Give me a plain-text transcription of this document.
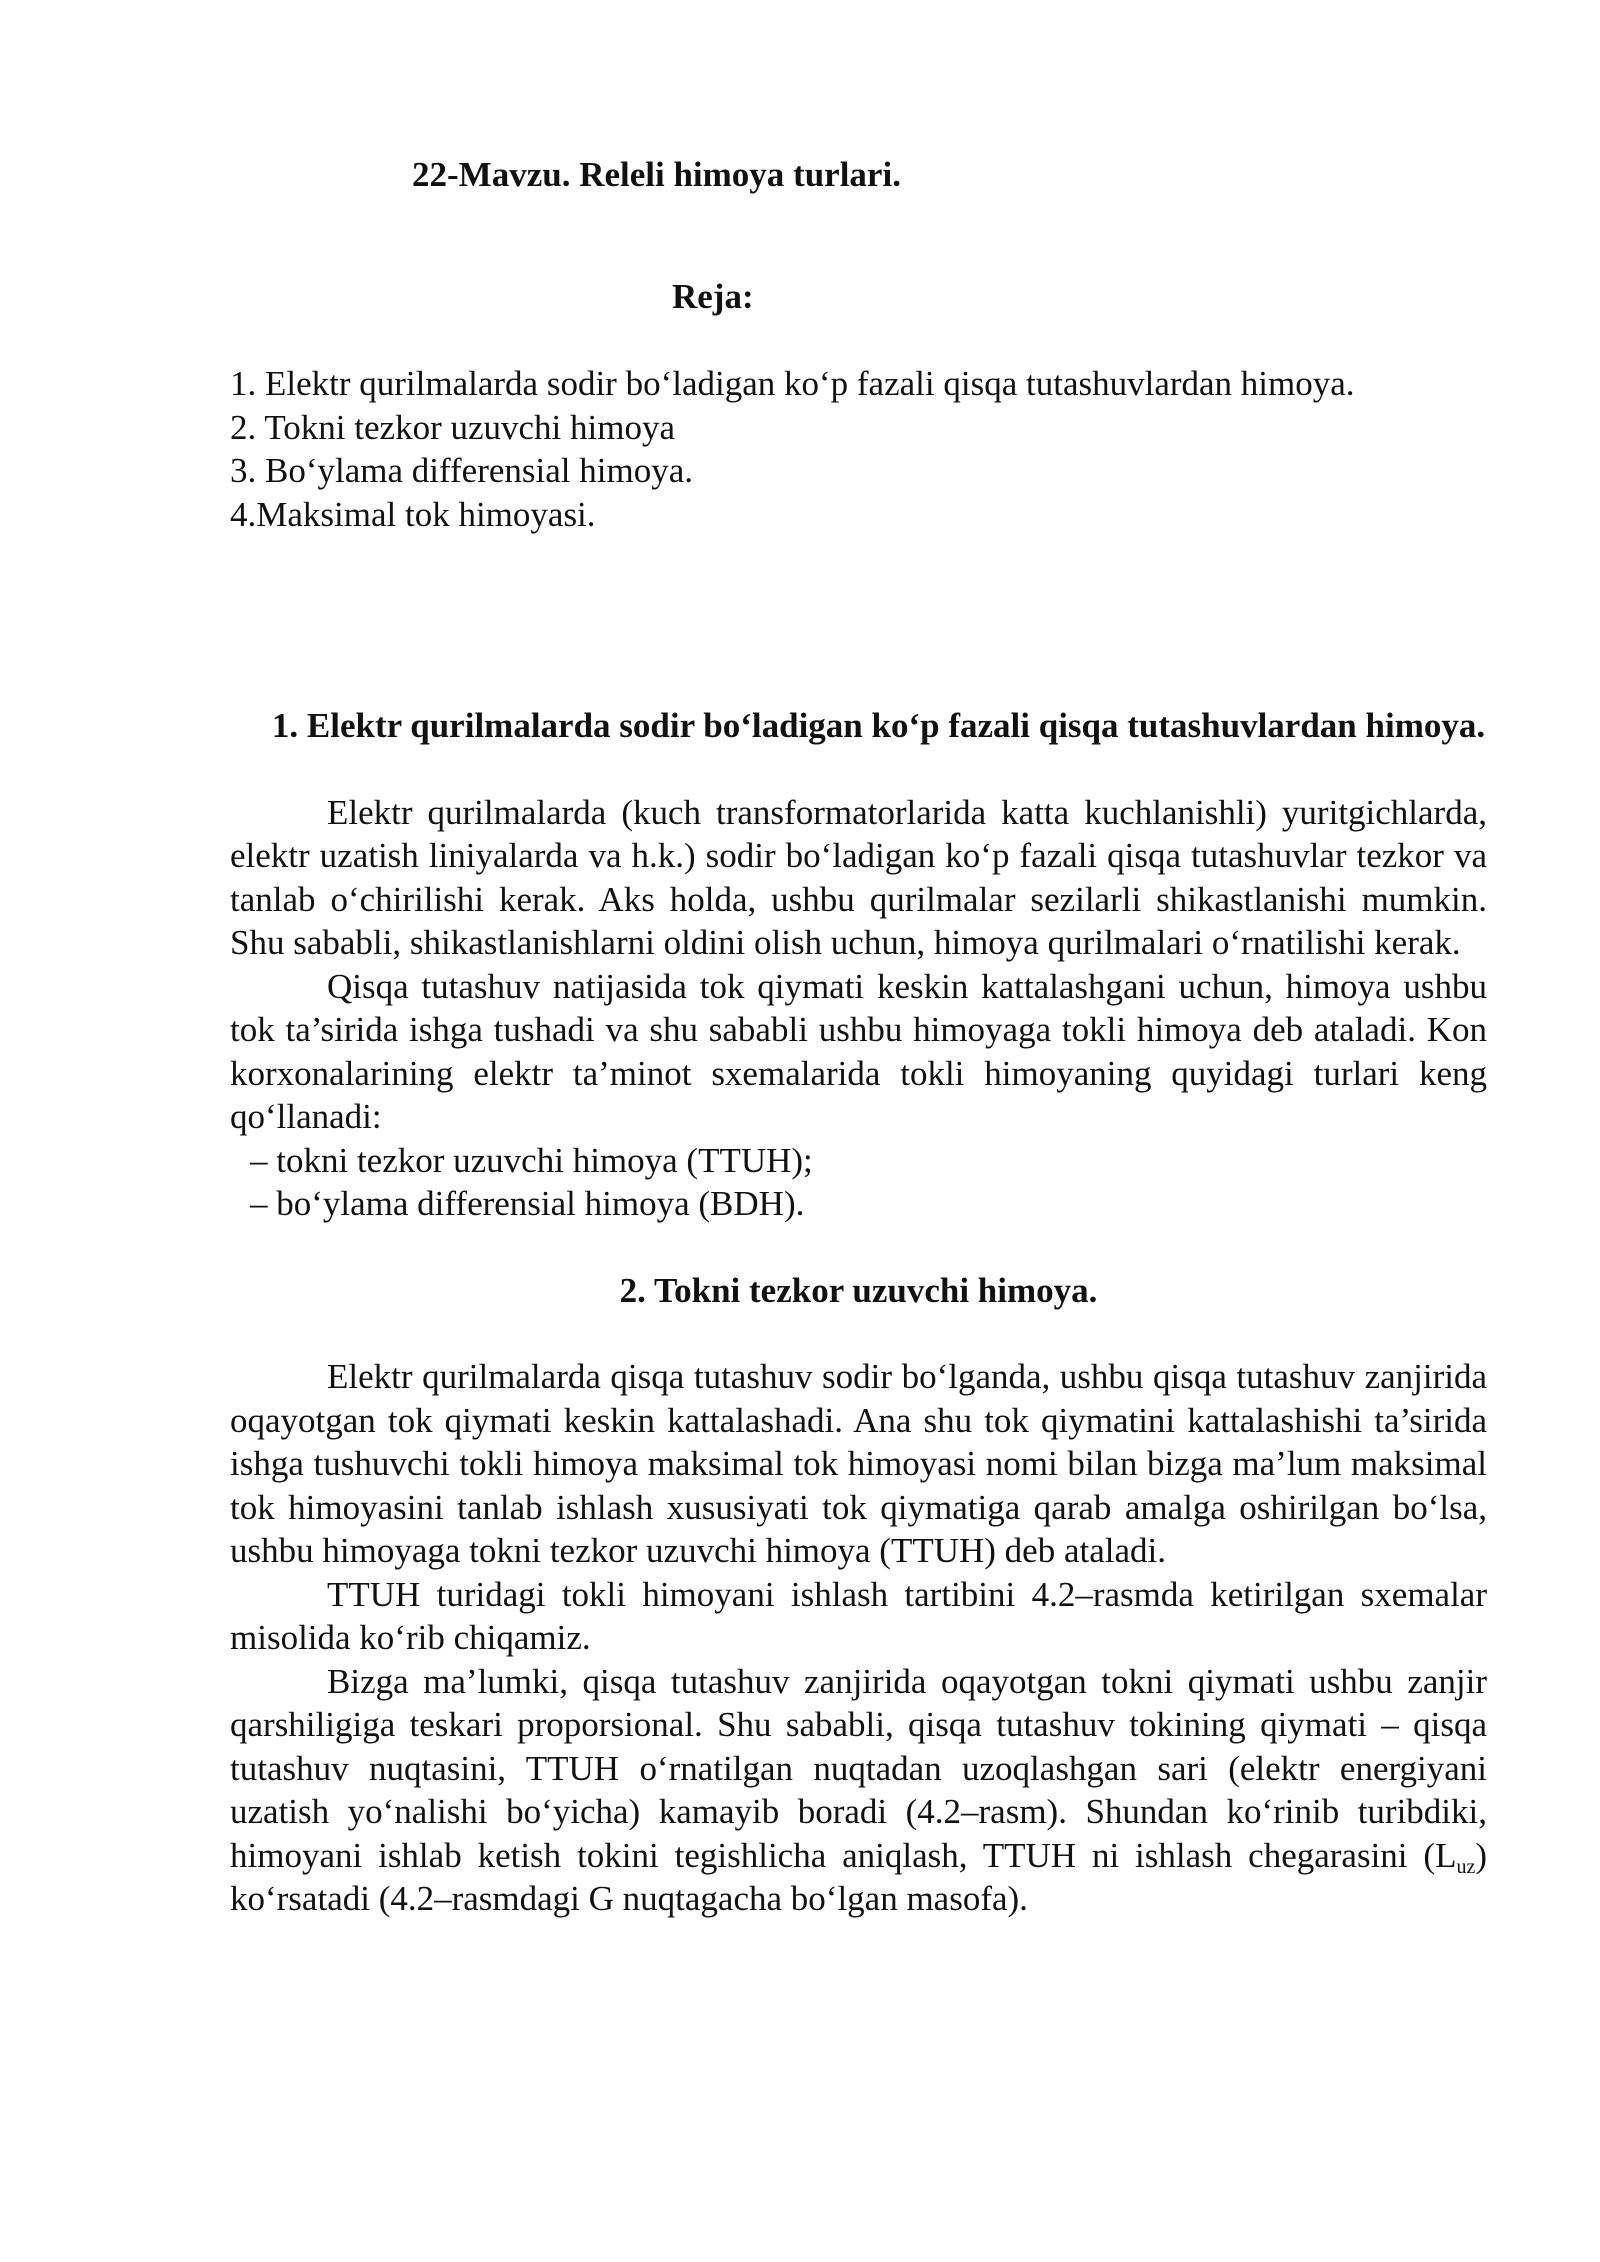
22-Mavzu. Releli himoya turlari.

Reja:

1. Elektr qurilmalarda sodir bo‘ladigan ko‘p fazali qisqa tutashuvlardan himoya.
2. Tokni tezkor uzuvchi himoya
3. Bo‘ylama differensial himoya.
4.Maksimal tok himoyasi.

1. Elektr qurilmalarda sodir bo‘ladigan ko‘p fazali qisqa tutashuvlardan himoya.

Elektr qurilmalarda (kuch transformatorlarida katta kuchlanishli) yuritgichlarda, elektr uzatish liniyalarda va h.k.) sodir bo‘ladigan ko‘p fazali qisqa tutashuvlar tezkor va tanlab o‘chirilishi kerak. Aks holda, ushbu qurilmalar sezilarli shikastlanishi mumkin. Shu sababli, shikastlanishlarni oldini olish uchun, himoya qurilmalari o‘rnatilishi kerak.

Qisqa tutashuv natijasida tok qiymati keskin kattalashgani uchun, himoya ushbu tok ta’sirida ishga tushadi va shu sababli ushbu himoyaga tokli himoya deb ataladi. Kon korxonalarining elektr ta’minot sxemalarida tokli himoyaning quyidagi turlari keng qo‘llanadi:

– tokni tezkor uzuvchi himoya (TTUH);

– bo‘ylama differensial himoya (BDH).

2. Tokni tezkor uzuvchi himoya.

Elektr qurilmalarda qisqa tutashuv sodir bo‘lganda, ushbu qisqa tutashuv zanjirida oqayotgan tok qiymati keskin kattalashadi. Ana shu tok qiymatini kattalashishi ta’sirida ishga tushuvchi tokli himoya maksimal tok himoyasi nomi bilan bizga ma’lum maksimal tok himoyasini tanlab ishlash xususiyati tok qiymatiga qarab amalga oshirilgan bo‘lsa, ushbu himoyaga tokni tezkor uzuvchi himoya (TTUH) deb ataladi.

TTUH turidagi tokli himoyani ishlash tartibini 4.2–rasmda ketirilgan sxemalar misolida ko‘rib chiqamiz.

Bizga ma’lumki, qisqa tutashuv zanjirida oqayotgan tokni qiymati ushbu zanjir qarshiligiga teskari proporsional. Shu sababli, qisqa tutashuv tokining qiymati – qisqa tutashuv nuqtasini, TTUH o‘rnatilgan nuqtadan uzoqlashgan sari (elektr energiyani uzatish yo‘nalishi bo‘yicha) kamayib boradi (4.2–rasm). Shundan ko‘rinib turibdiki, himoyani ishlab ketish tokini tegishlicha aniqlash, TTUH ni ishlash chegarasini $(L_{uz})$ ko‘rsatadi (4.2–rasmdagi G nuqtagacha bo‘lgan masofa).
